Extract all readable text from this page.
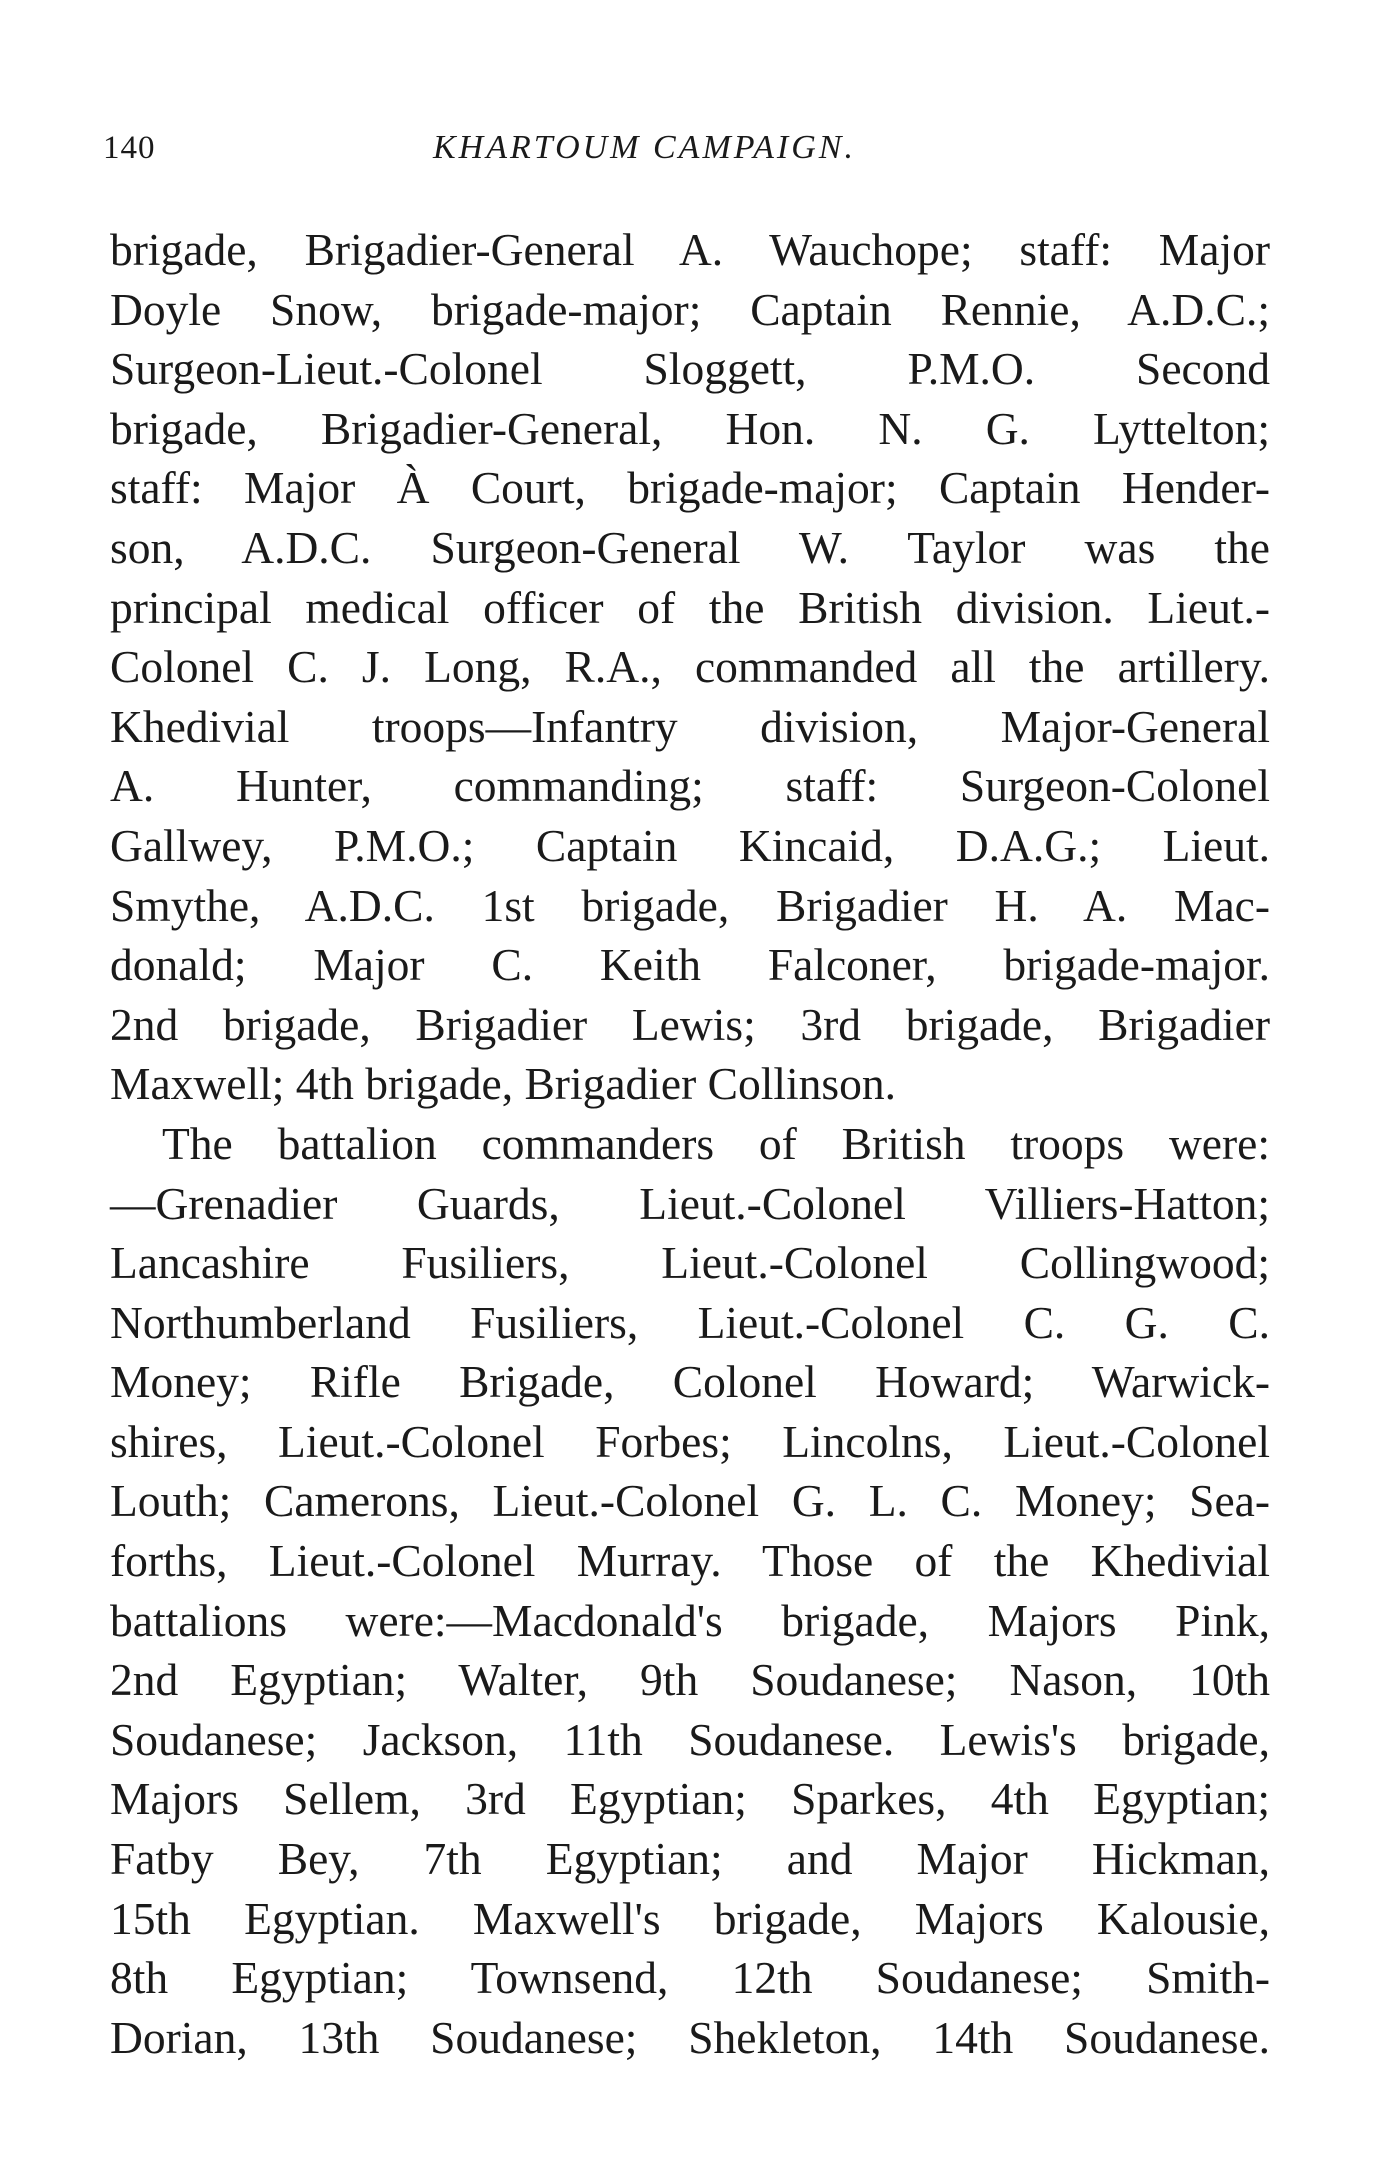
140	KHARTOUM CAMPAIGN.
brigade, Brigadier-General A. Wauchope; staff: Major
Doyle Snow, brigade-major; Captain Rennie, A.D.C.;
Surgeon-Lieut.-Colonel Sloggett, P.M.O. Second
brigade, Brigadier-General, Hon. N. G. Lyttelton;
staff: Major À Court, brigade-major; Captain Hender-
son, A.D.C. Surgeon-General W. Taylor was the
principal medical officer of the British division. Lieut.-
Colonel C. J. Long, R.A., commanded all the artillery.
Khedivial troops—Infantry division, Major-General
A. Hunter, commanding; staff: Surgeon-Colonel
Gallwey, P.M.O.; Captain Kincaid, D.A.G.; Lieut.
Smythe, A.D.C. 1st brigade, Brigadier H. A. Mac-
donald; Major C. Keith Falconer, brigade-major.
2nd brigade, Brigadier Lewis; 3rd brigade, Brigadier
Maxwell; 4th brigade, Brigadier Collinson.
The battalion commanders of British troops were:
—Grenadier Guards, Lieut.-Colonel Villiers-Hatton;
Lancashire Fusiliers, Lieut.-Colonel Collingwood;
Northumberland Fusiliers, Lieut.-Colonel C. G. C.
Money; Rifle Brigade, Colonel Howard; Warwick-
shires, Lieut.-Colonel Forbes; Lincolns, Lieut.-Colonel
Louth; Camerons, Lieut.-Colonel G. L. C. Money; Sea-
forths, Lieut.-Colonel Murray. Those of the Khedivial
battalions were:—Macdonald's brigade, Majors Pink,
2nd Egyptian; Walter, 9th Soudanese; Nason, 10th
Soudanese; Jackson, 11th Soudanese. Lewis's brigade,
Majors Sellem, 3rd Egyptian; Sparkes, 4th Egyptian;
Fatby Bey, 7th Egyptian; and Major Hickman,
15th Egyptian. Maxwell's brigade, Majors Kalousie,
8th Egyptian; Townsend, 12th Soudanese; Smith-
Dorian, 13th Soudanese; Shekleton, 14th Soudanese.
